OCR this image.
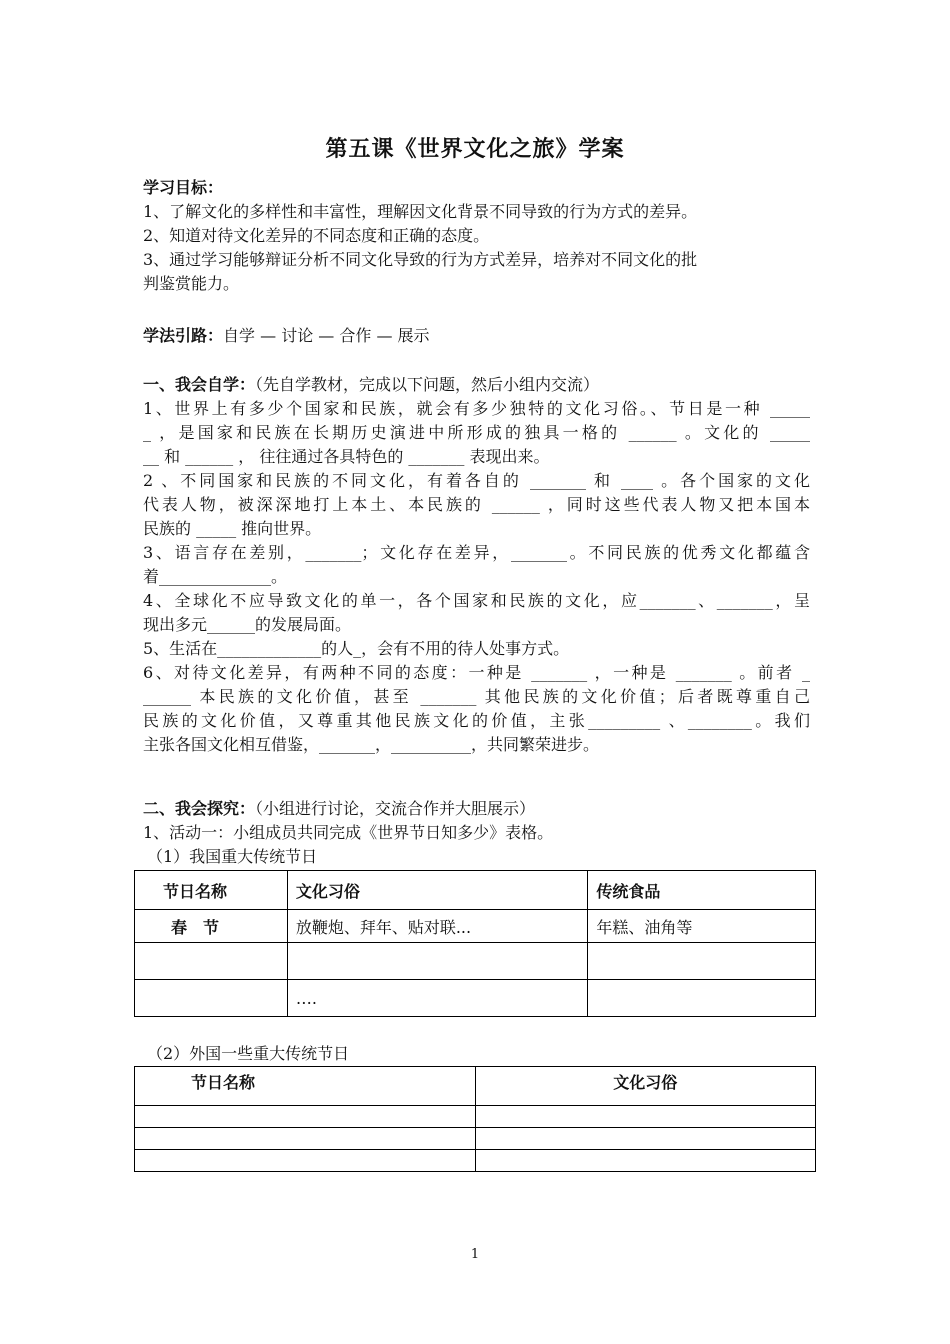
第五课《世界文化之旅》学案
学习目标：
1、了解文化的多样性和丰富性，理解因文化背景不同导致的行为方式的差异。
2、知道对待文化差异的不同态度和正确的态度。
3、通过学习能够辩证分析不同文化导致的行为方式差异，培养对不同文化的批
判鉴赏能力。
学法引路：自学 — 讨论 — 合作 — 展示
一、我会自学：（先自学教材，完成以下问题，然后小组内交流）
1、世界上有多少个国家和民族，就会有多少独特的文化习俗。、节日是一种 _____
_ ，是国家和民族在长期历史演进中所形成的独具一格的 ______ 。文化的 _____
__ 和 ______ ， 往往通过各具特色的 _______ 表现出来。
2 、不同国家和民族的不同文化，有着各自的 _______ 和 ____ 。各个国家的文化
代表人物，被深深地打上本土、本民族的 ______ ，同时这些代表人物又把本国本
民族的 _____ 推向世界。
3、语言存在差别，_______；文化存在差异，_______。不同民族的优秀文化都蕴含
着______________。
4、全球化不应导致文化的单一，各个国家和民族的文化，应_______、_______，呈
现出多元______的发展局面。
5、生活在_____________的人_，会有不用的待人处事方式。
6、对待文化差异，有两种不同的态度：一种是 _______ ，一种是 _______ 。前者 _
______ 本民族的文化价值，甚至 _______ 其他民族的文化价值；后者既尊重自己
民族的文化价值，又尊重其他民族文化的价值，主张_________ 、________。我们
主张各国文化相互借鉴，_______，__________，共同繁荣进步。
二、我会探究：（小组进行讨论，交流合作并大胆展示）
1、活动一：小组成员共同完成《世界节日知多少》表格。
（1）我国重大传统节日
节日名称	文化习俗	传统食品
春　节	放鞭炮、拜年、贴对联...	年糕、油角等

	….	
（2）外国一些重大传统节日
节日名称	文化习俗

1
